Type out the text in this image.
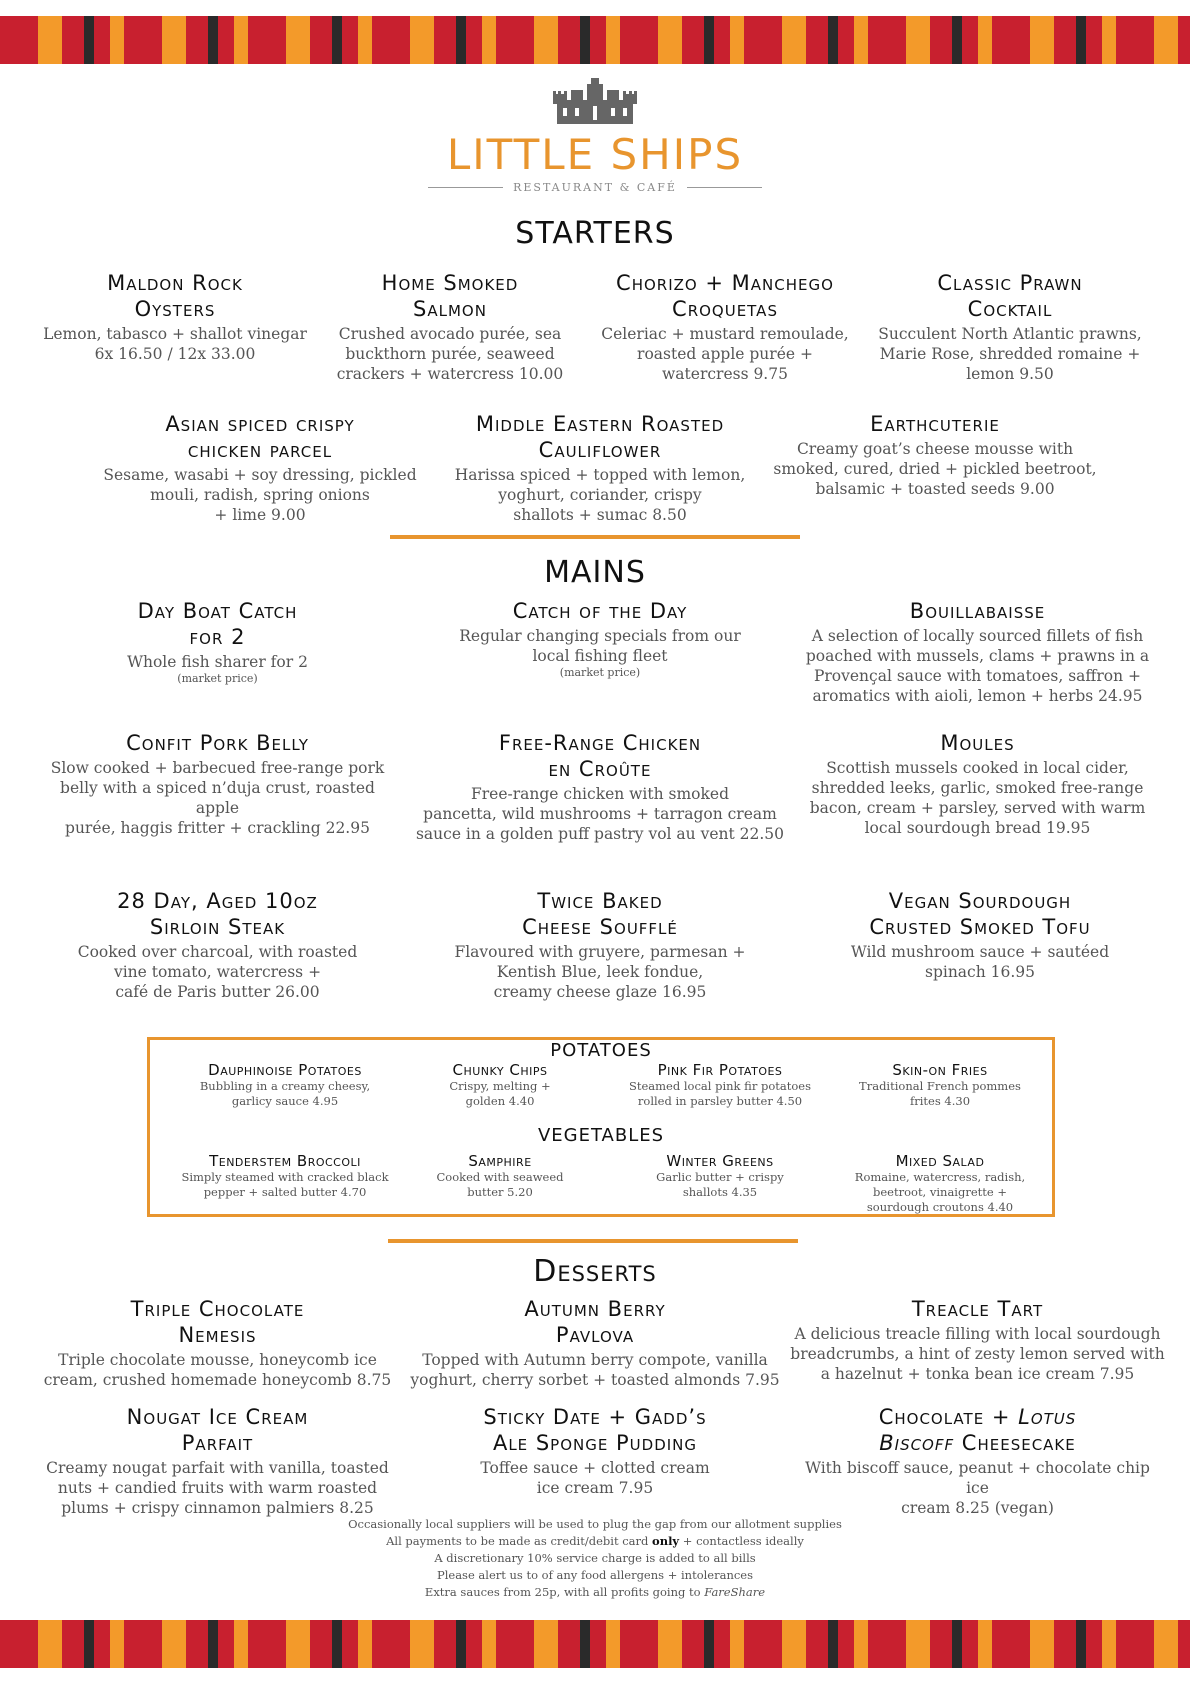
LITTLE SHIPS
RESTAURANT & CAFÉ
STARTERS
Maldon Rock
Oysters
Lemon, tabasco + shallot vinegar
6x 16.50 / 12x 33.00
Home Smoked
Salmon
Crushed avocado purée, sea
buckthorn purée, seaweed
crackers + watercress 10.00
Chorizo + Manchego
Croquetas
Celeriac + mustard remoulade,
roasted apple purée +
watercress 9.75
Classic Prawn
Cocktail
Succulent North Atlantic prawns,
Marie Rose, shredded romaine +
lemon 9.50
Asian spiced crispy
chicken parcel
Sesame, wasabi + soy dressing, pickled
mouli, radish, spring onions
+ lime 9.00
Middle Eastern Roasted
Cauliflower
Harissa spiced + topped with lemon,
yoghurt, coriander, crispy
shallots + sumac 8.50
Earthcuterie
Creamy goat’s cheese mousse with
smoked, cured, dried + pickled beetroot,
balsamic + toasted seeds 9.00
MAINS
Day Boat Catch
for 2
Whole fish sharer for 2
(market price)
Catch of the Day
Regular changing specials from our
local fishing fleet
(market price)
Bouillabaisse
A selection of locally sourced fillets of fish
poached with mussels, clams + prawns in a
Provençal sauce with tomatoes, saffron +
aromatics with aioli, lemon + herbs 24.95
Confit Pork Belly
Slow cooked + barbecued free-range pork
belly with a spiced n’duja crust, roasted apple
purée, haggis fritter + crackling 22.95
Free-Range Chicken
en Croûte
Free-range chicken with smoked
pancetta, wild mushrooms + tarragon cream
sauce in a golden puff pastry vol au vent 22.50
Moules
Scottish mussels cooked in local cider,
shredded leeks, garlic, smoked free-range
bacon, cream + parsley, served with warm
local sourdough bread 19.95
28 Day, Aged 10oz
Sirloin Steak
Cooked over charcoal, with roasted
vine tomato, watercress +
café de Paris butter 26.00
Twice Baked
Cheese Soufflé
Flavoured with gruyere, parmesan +
Kentish Blue, leek fondue,
creamy cheese glaze 16.95
Vegan Sourdough
Crusted Smoked Tofu
Wild mushroom sauce + sautéed
spinach 16.95
POTATOES
Dauphinoise Potatoes
Bubbling in a creamy cheesy,
garlicy sauce 4.95
Chunky Chips
Crispy, melting +
golden 4.40
Pink Fir Potatoes
Steamed local pink fir potatoes
rolled in parsley butter 4.50
Skin-on Fries
Traditional French pommes
frites 4.30
VEGETABLES
Tenderstem Broccoli
Simply steamed with cracked black
pepper + salted butter 4.70
Samphire
Cooked with seaweed
butter 5.20
Winter Greens
Garlic butter + crispy
shallots 4.35
Mixed Salad
Romaine, watercress, radish,
beetroot, vinaigrette +
sourdough croutons 4.40
Desserts
Triple Chocolate
Nemesis
Triple chocolate mousse, honeycomb ice
cream, crushed homemade honeycomb 8.75
Autumn Berry
Pavlova
Topped with Autumn berry compote, vanilla
yoghurt, cherry sorbet + toasted almonds 7.95
Treacle Tart
A delicious treacle filling with local sourdough
breadcrumbs, a hint of zesty lemon served with
a hazelnut + tonka bean ice cream 7.95
Nougat Ice Cream
Parfait
Creamy nougat parfait with vanilla, toasted
nuts + candied fruits with warm roasted
plums + crispy cinnamon palmiers 8.25
Sticky Date + Gadd’s
Ale Sponge Pudding
Toffee sauce + clotted cream
ice cream 7.95
Chocolate + Lotus
Biscoff Cheesecake
With biscoff sauce, peanut + chocolate chip ice
cream 8.25 (vegan)
Occasionally local suppliers will be used to plug the gap from our allotment supplies
All payments to be made as credit/debit card only + contactless ideally
A discretionary 10% service charge is added to all bills
Please alert us to of any food allergens + intolerances
Extra sauces from 25p, with all profits going to FareShare
